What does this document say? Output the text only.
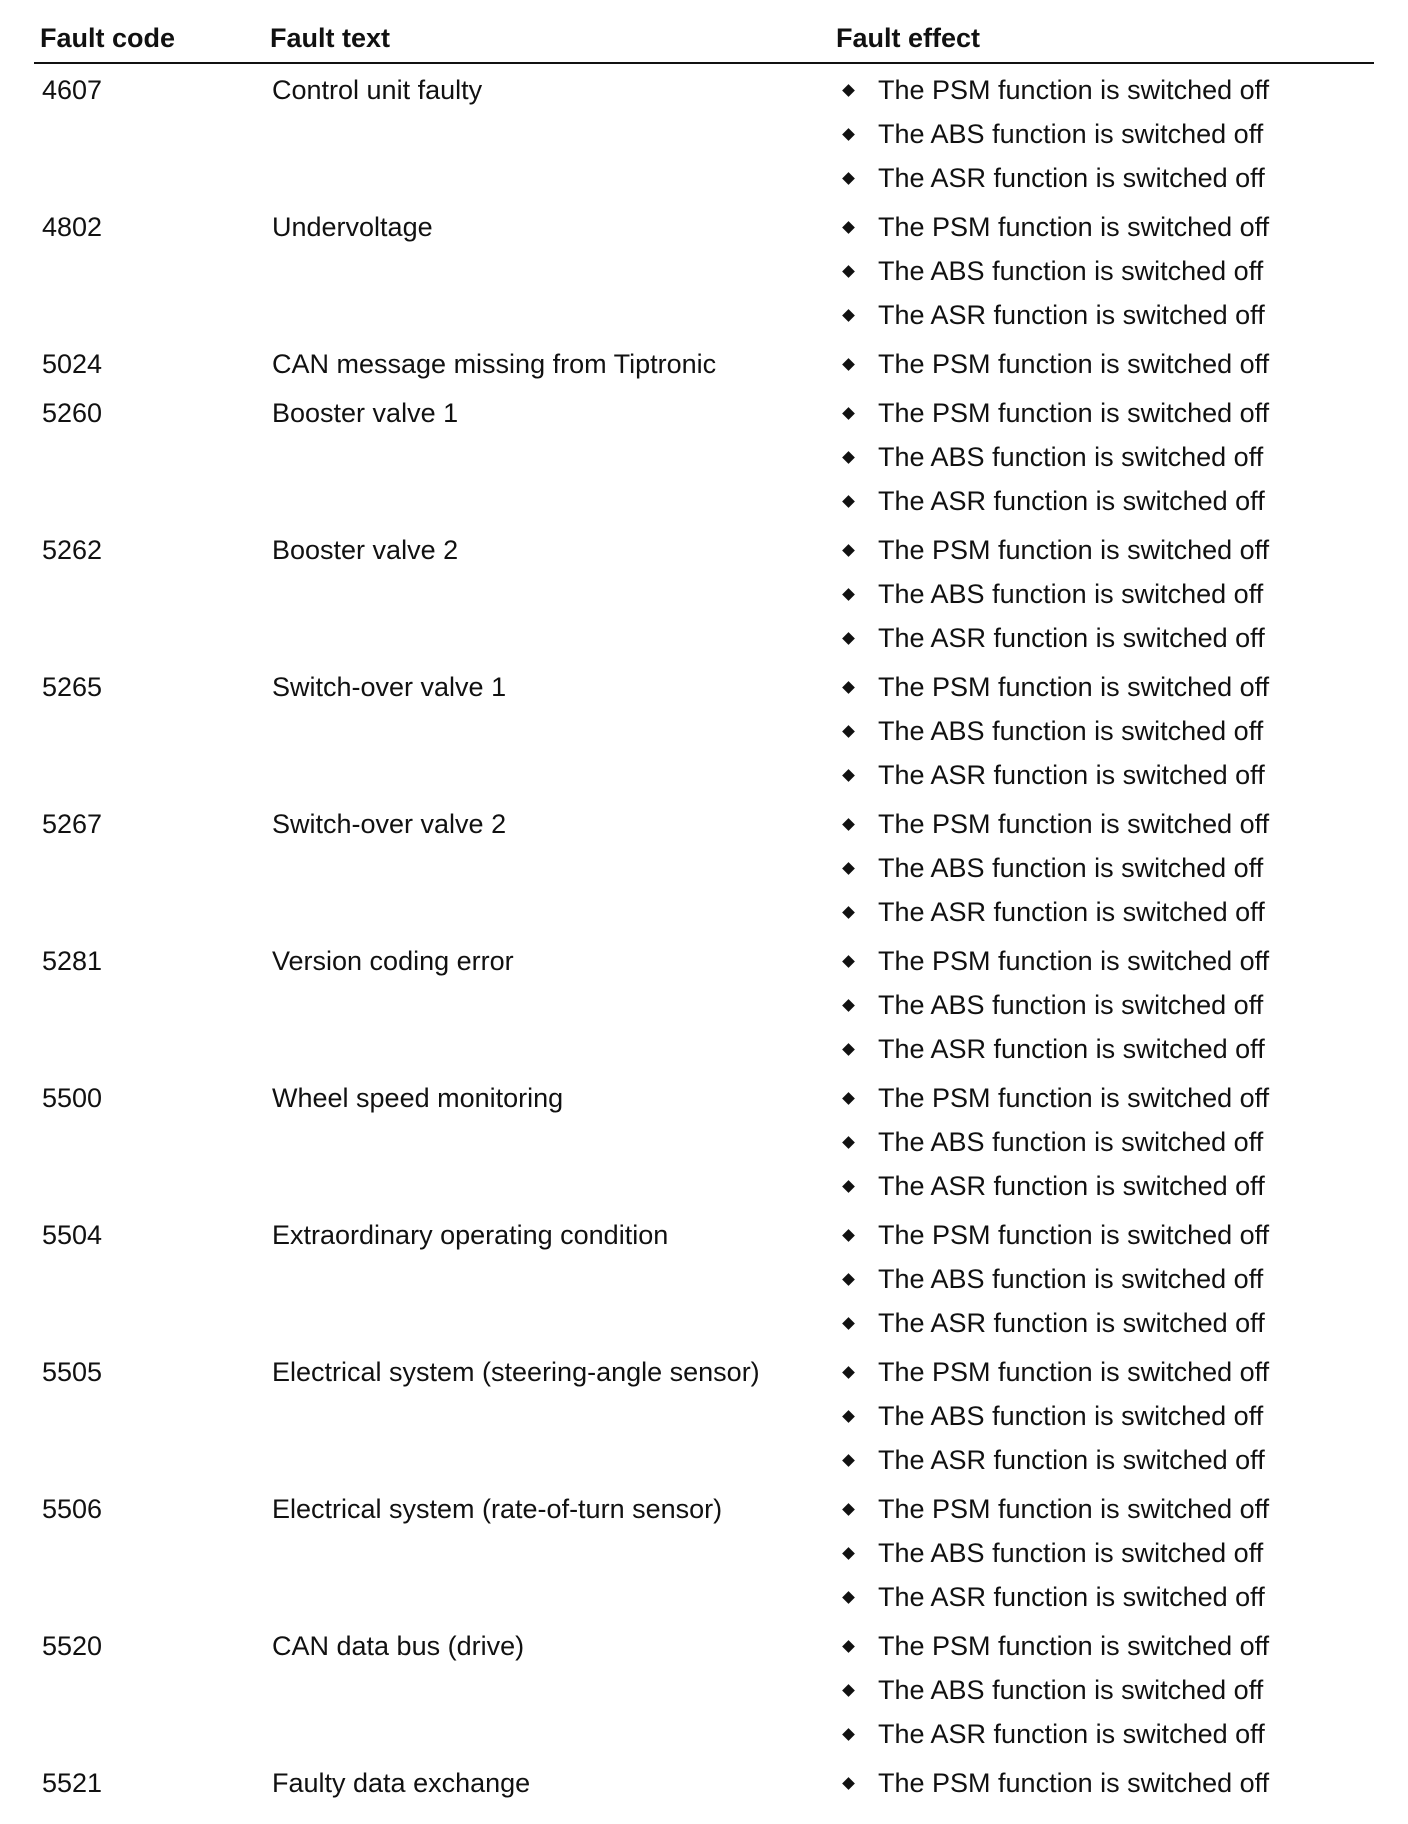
Fault code	Fault text	Fault effect
4607	Control unit faulty	The PSM function is switched off
The ABS function is switched off
The ASR function is switched off
4802	Undervoltage	The PSM function is switched off
The ABS function is switched off
The ASR function is switched off
5024	CAN message missing from Tiptronic	The PSM function is switched off
5260	Booster valve 1	The PSM function is switched off
The ABS function is switched off
The ASR function is switched off
5262	Booster valve 2	The PSM function is switched off
The ABS function is switched off
The ASR function is switched off
5265	Switch-over valve 1	The PSM function is switched off
The ABS function is switched off
The ASR function is switched off
5267	Switch-over valve 2	The PSM function is switched off
The ABS function is switched off
The ASR function is switched off
5281	Version coding error	The PSM function is switched off
The ABS function is switched off
The ASR function is switched off
5500	Wheel speed monitoring	The PSM function is switched off
The ABS function is switched off
The ASR function is switched off
5504	Extraordinary operating condition	The PSM function is switched off
The ABS function is switched off
The ASR function is switched off
5505	Electrical system (steering-angle sensor)	The PSM function is switched off
The ABS function is switched off
The ASR function is switched off
5506	Electrical system (rate-of-turn sensor)	The PSM function is switched off
The ABS function is switched off
The ASR function is switched off
5520	CAN data bus (drive)	The PSM function is switched off
The ABS function is switched off
The ASR function is switched off
5521	Faulty data exchange	The PSM function is switched off
